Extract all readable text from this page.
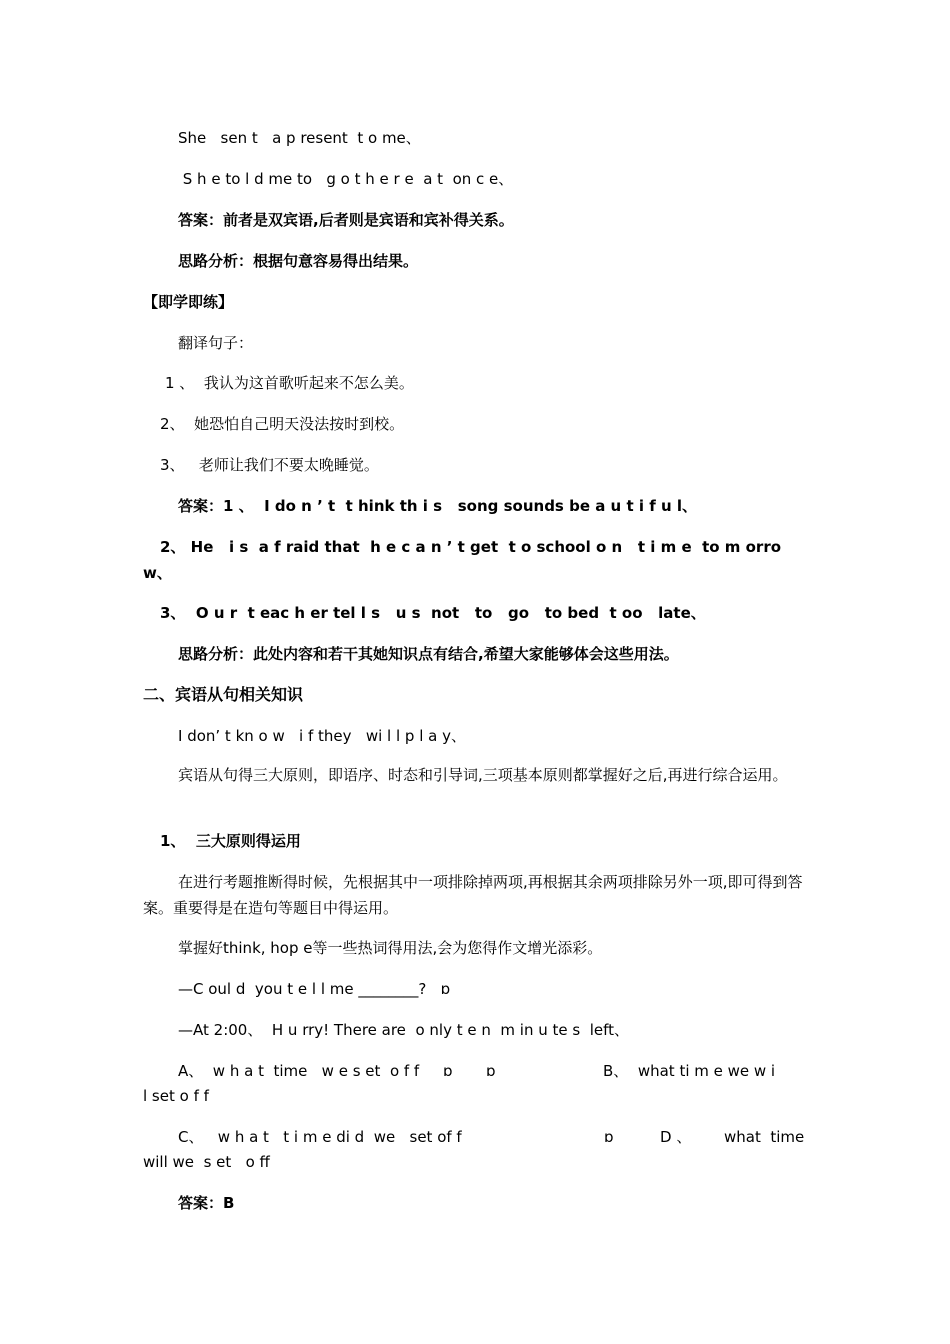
She   sen t   a p resent  t o me、
S h e to l d me to   g o t h e r e  a t  on c e、
答案：前者是双宾语,后者则是宾语和宾补得关系。
思路分析：根据句意容易得出结果。
【即学即练】
翻译句子：
1 、  我认为这首歌听起来不怎么美。
2、  她恐怕自己明天没法按时到校。
3、   老师让我们不要太晚睡觉。
答案：1 、  I do n ’ t  t hink th i s   song sounds be a u t i f u l、
2、 He   i s  a f raid that  h e c a n ’ t get  t o school o n   t i m e  to m orrow、
3、  O u r  t eac h er tel l s   u s  not   to   go   to bed  t oo   late、
思路分析：此处内容和若干其她知识点有结合,希望大家能够体会这些用法。
二、宾语从句相关知识
I don’ t kn o w   i f they   wi l l p l a y、
宾语从句得三大原则，即语序、时态和引导词,三项基本原则都掌握好之后,再进行综合运用。
1、  三大原则得运用
在进行考题推断得时候，先根据其中一项排除掉两项,再根据其余两项排除另外一项,即可得到答案。重要得是在造句等题目中得运用。
掌握好think, hop e等一些热词得用法,会为您得作文增光添彩。
—C oul d  you t e l l me ________?   ɒ
—At 2:00、  H u rry! There are  o nly t e n  m in u te s  left、
A、  w h a t  time   w e s et  o f f     ɒ       ɒ	B、  what ti m e we w i
l set o f f
C、   w h a t   t i m e di d  we   set of f	ɒ	D 、 what  time
will we  s et   o ff
答案：B
